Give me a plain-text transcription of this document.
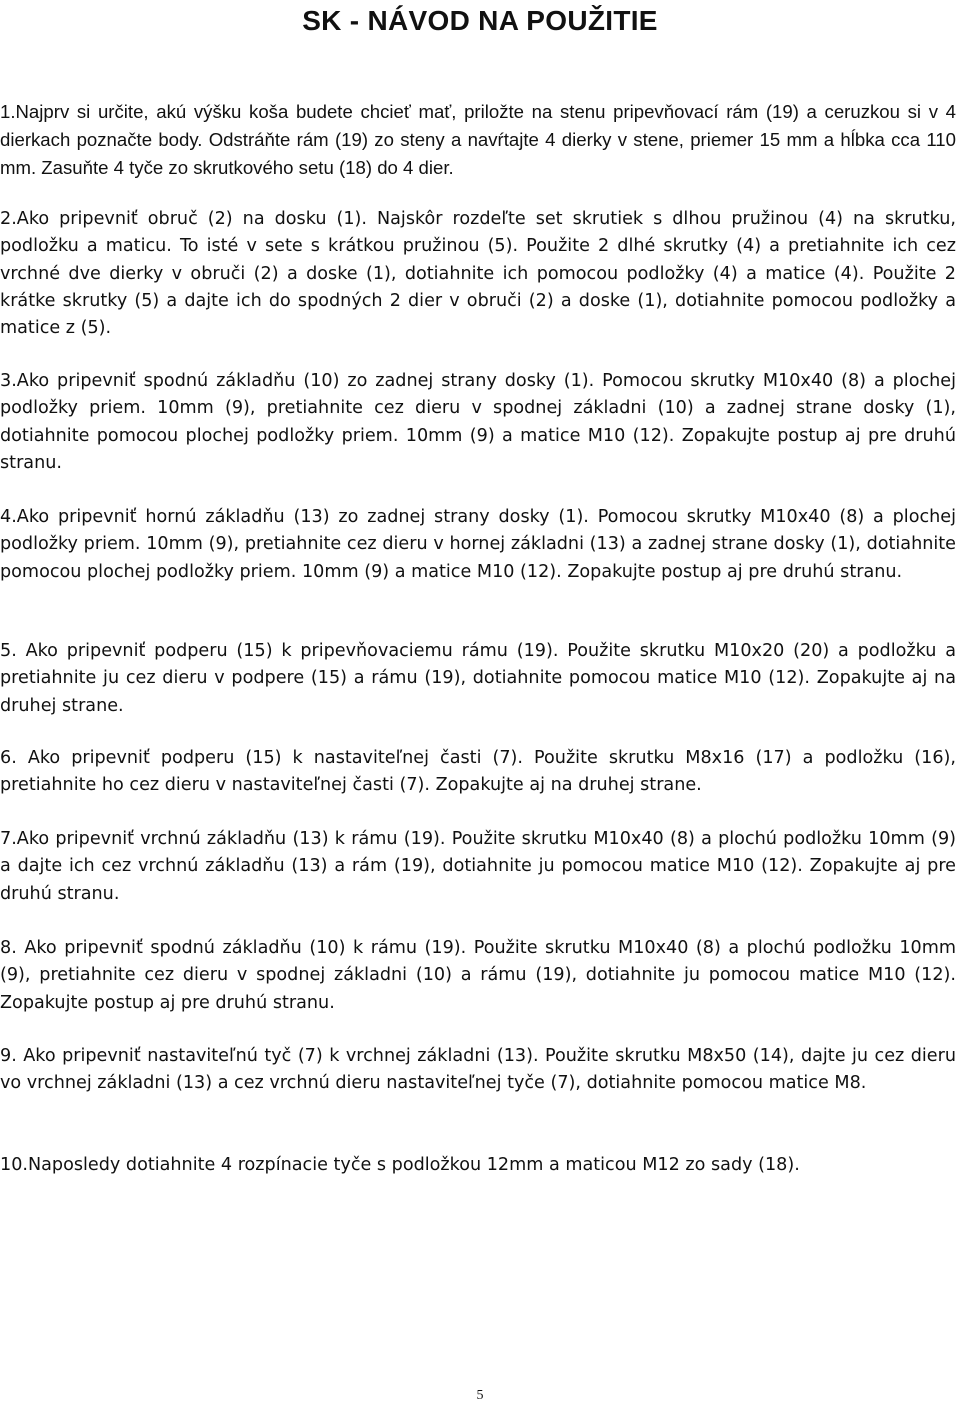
SK - NÁVOD NA POUŽITIE
1.Najprv si určite, akú výšku koša budete chcieť mať, priložte na stenu pripevňovací rám (19) a ceruzkou si v 4 dierkach poznačte body. Odstráňte rám (19) zo steny a navŕtajte 4 dierky v stene, priemer 15 mm a hĺbka cca 110 mm. Zasuňte 4 tyče zo skrutkového setu (18) do 4 dier.
2.Ako pripevniť obruč (2) na dosku (1). Najskôr rozdeľte set skrutiek s dlhou pružinou (4) na skrutku, podložku a maticu. To isté v sete s krátkou pružinou (5). Použite 2 dlhé skrutky (4) a pretiahnite ich cez vrchné dve dierky v obruči (2) a doske (1), dotiahnite ich pomocou podložky (4) a matice (4). Použite 2 krátke skrutky (5) a dajte ich do spodných 2 dier v obruči (2) a doske (1), dotiahnite pomocou podložky a matice z (5).
3.Ako pripevniť spodnú základňu (10) zo zadnej strany dosky (1). Pomocou skrutky M10x40 (8) a plochej podložky priem. 10mm (9), pretiahnite cez dieru v spodnej základni (10) a zadnej strane dosky (1), dotiahnite pomocou plochej podložky priem. 10mm (9) a matice M10 (12). Zopakujte postup aj pre druhú stranu.
4.Ako pripevniť hornú základňu (13) zo zadnej strany dosky (1). Pomocou skrutky M10x40 (8) a plochej podložky priem. 10mm (9), pretiahnite cez dieru v hornej základni (13) a zadnej strane dosky (1), dotiahnite pomocou plochej podložky priem. 10mm (9) a matice M10 (12). Zopakujte postup aj pre druhú stranu.
5. Ako pripevniť podperu (15) k pripevňovaciemu rámu (19). Použite skrutku M10x20 (20) a podložku a pretiahnite ju cez dieru v podpere (15) a rámu (19), dotiahnite pomocou matice M10 (12). Zopakujte aj na druhej strane.
6. Ako pripevniť podperu (15) k nastaviteľnej časti (7). Použite skrutku M8x16 (17) a podložku (16), pretiahnite ho cez dieru v nastaviteľnej časti (7). Zopakujte aj na druhej strane.
7.Ako pripevniť vrchnú základňu (13) k rámu (19). Použite skrutku M10x40 (8) a plochú podložku 10mm (9) a dajte ich cez vrchnú základňu (13) a rám (19), dotiahnite ju pomocou matice M10 (12). Zopakujte aj pre druhú stranu.
8. Ako pripevniť spodnú základňu (10) k rámu (19). Použite skrutku M10x40 (8) a plochú podložku 10mm (9), pretiahnite cez dieru v spodnej základni (10) a rámu (19), dotiahnite ju pomocou matice M10 (12). Zopakujte postup aj pre druhú stranu.
9. Ako pripevniť nastaviteľnú tyč (7) k vrchnej základni (13). Použite skrutku M8x50 (14), dajte ju cez dieru vo vrchnej základni (13) a cez vrchnú dieru nastaviteľnej tyče (7), dotiahnite pomocou matice M8.
10.Naposledy dotiahnite 4 rozpínacie tyče s podložkou 12mm a maticou M12 zo sady (18).
5
